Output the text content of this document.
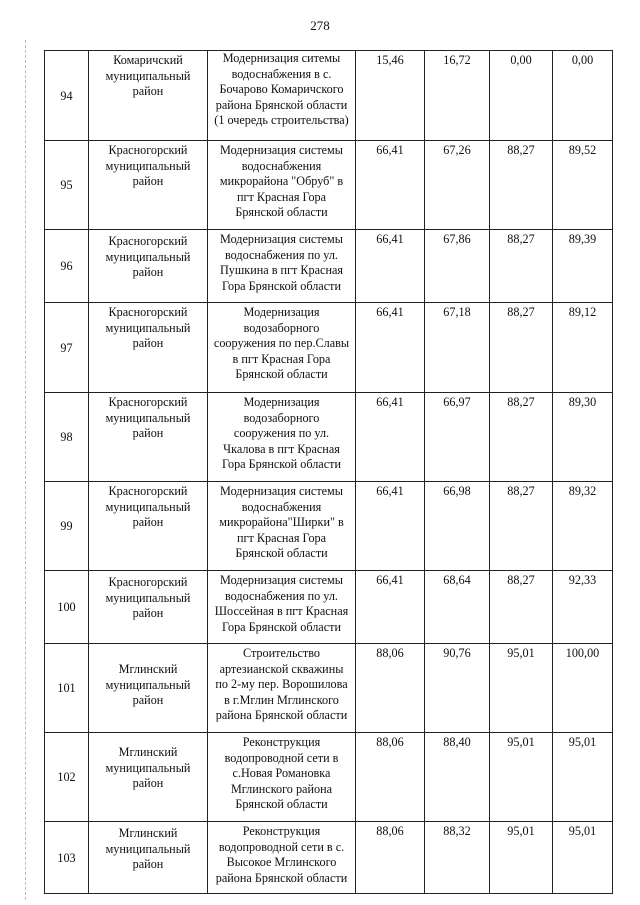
278
94	Комаричский
муниципальный
район	Модернизация ситемы
водоснабжения в с.
Бочарово Комаричского
района Брянской области
(1 очередь строительства)	15,46	16,72	0,00	0,00
95	Красногорский
муниципальный
район	Модернизация системы
водоснабжения
микрорайона "Обруб" в
пгт Красная Гора
Брянской области	66,41	67,26	88,27	89,52
96	Красногорский
муниципальный
район	Модернизация системы
водоснабжения по ул.
Пушкина в пгт Красная
Гора Брянской области	66,41	67,86	88,27	89,39
97	Красногорский
муниципальный
район	Модернизация
водозаборного
сооружения по пер.Славы
в пгт Красная Гора
Брянской области	66,41	67,18	88,27	89,12
98	Красногорский
муниципальный
район	Модернизация
водозаборного
сооружения по ул.
Чкалова в пгт Красная
Гора Брянской области	66,41	66,97	88,27	89,30
99	Красногорский
муниципальный
район	Модернизация системы
водоснабжения
микрорайона"Ширки" в
пгт Красная Гора
Брянской области	66,41	66,98	88,27	89,32
100	Красногорский
муниципальный
район	Модернизация системы
водоснабжения по ул.
Шоссейная в пгт Красная
Гора Брянской области	66,41	68,64	88,27	92,33
101	Мглинский
муниципальный
район	Строительство
артезианской скважины
по 2-му пер. Ворошилова
в г.Мглин Мглинского
района Брянской области	88,06	90,76	95,01	100,00
102	Мглинский
муниципальный
район	Реконструкция
водопроводной сети в
с.Новая Романовка
Мглинского района
Брянской области	88,06	88,40	95,01	95,01
103	Мглинский
муниципальный
район	Реконструкция
водопроводной сети в с.
Высокое Мглинского
района Брянской области	88,06	88,32	95,01	95,01
